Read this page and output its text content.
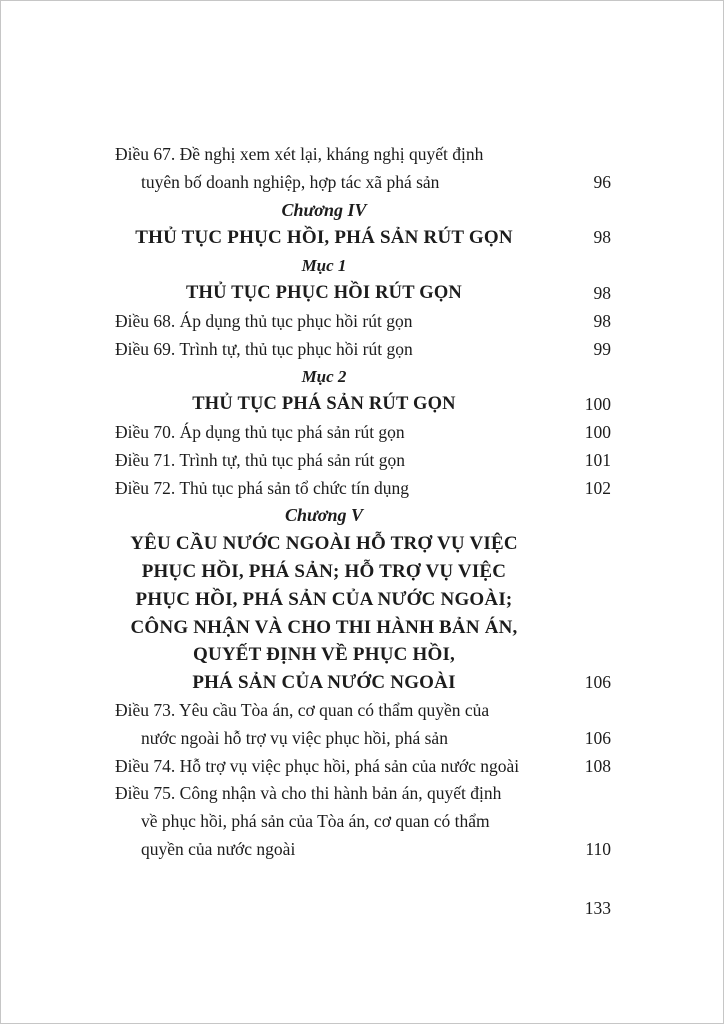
Điều 67. Đề nghị xem xét lại, kháng nghị quyết định
tuyên bố doanh nghiệp, hợp tác xã phá sản	96
Chương IV
THỦ TỤC PHỤC HỒI, PHÁ SẢN RÚT GỌN	98
Mục 1
THỦ TỤC PHỤC HỒI RÚT GỌN	98
Điều 68. Áp dụng thủ tục phục hồi rút gọn	98
Điều 69. Trình tự, thủ tục phục hồi rút gọn	99
Mục 2
THỦ TỤC PHÁ SẢN RÚT GỌN	100
Điều 70. Áp dụng thủ tục phá sản rút gọn	100
Điều 71. Trình tự, thủ tục phá sản rút gọn	101
Điều 72. Thủ tục phá sản tổ chức tín dụng	102
Chương V
YÊU CẦU NƯỚC NGOÀI HỖ TRỢ VỤ VIỆC
PHỤC HỒI, PHÁ SẢN; HỖ TRỢ VỤ VIỆC
PHỤC HỒI, PHÁ SẢN CỦA NƯỚC NGOÀI;
CÔNG NHẬN VÀ CHO THI HÀNH BẢN ÁN,
QUYẾT ĐỊNH VỀ PHỤC HỒI,
PHÁ SẢN CỦA NƯỚC NGOÀI	106
Điều 73. Yêu cầu Tòa án, cơ quan có thẩm quyền của
nước ngoài hỗ trợ vụ việc phục hồi, phá sản	106
Điều 74. Hỗ trợ vụ việc phục hồi, phá sản của nước ngoài	108
Điều 75. Công nhận và cho thi hành bản án, quyết định
về phục hồi, phá sản của Tòa án, cơ quan có thẩm
quyền của nước ngoài	110
133
